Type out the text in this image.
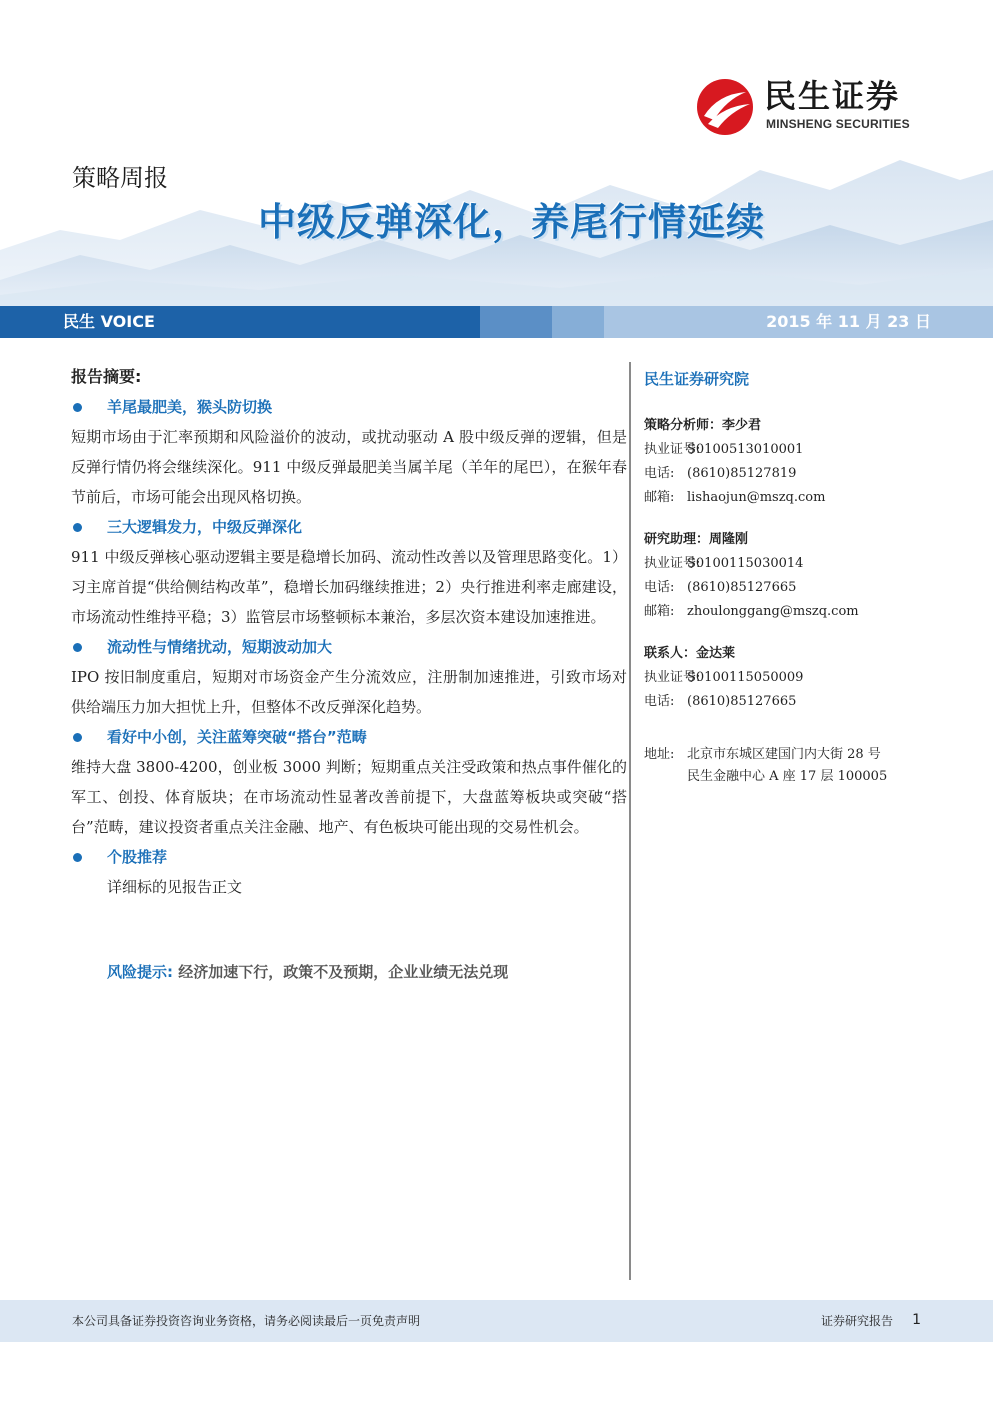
民生证券
MINSHENG SECURITIES
策略周报
中级反弹深化，养尾行情延续
民生 VOICE	2015 年 11 月 23 日
报告摘要:
羊尾最肥美，猴头防切换
短期市场由于汇率预期和风险溢价的波动，或扰动驱动 A 股中级反弹的逻辑，但是反弹行情仍将会继续深化。911 中级反弹最肥美当属羊尾（羊年的尾巴），在猴年春节前后，市场可能会出现风格切换。
三大逻辑发力，中级反弹深化
911 中级反弹核心驱动逻辑主要是稳增长加码、流动性改善以及管理思路变化。1）习主席首提“供给侧结构改革”，稳增长加码继续推进；2）央行推进利率走廊建设，市场流动性维持平稳；3）监管层市场整顿标本兼治，多层次资本建设加速推进。
流动性与情绪扰动，短期波动加大
IPO 按旧制度重启，短期对市场资金产生分流效应，注册制加速推进，引致市场对供给端压力加大担忧上升，但整体不改反弹深化趋势。
看好中小创，关注蓝筹突破“搭台”范畴
维持大盘 3800-4200，创业板 3000 判断；短期重点关注受政策和热点事件催化的军工、创投、体育版块；在市场流动性显著改善前提下，大盘蓝筹板块或突破“搭台”范畴，建议投资者重点关注金融、地产、有色板块可能出现的交易性机会。
个股推荐
详细标的见报告正文
风险提示: 经济加速下行，政策不及预期，企业业绩无法兑现
民生证券研究院
策略分析师：李少君
执业证号:S0100513010001
电话: (8610)85127819
邮箱: lishaojun@mszq.com
研究助理：周隆刚
执业证号:S0100115030014
电话: (8610)85127665
邮箱: zhoulonggang@mszq.com
联系人：金达莱
执业证号:S0100115050009
电话: (8610)85127665
地址: 北京市东城区建国门内大街 28 号
民生金融中心 A 座 17 层 100005
本公司具备证券投资咨询业务资格，请务必阅读最后一页免责声明	证券研究报告 1
